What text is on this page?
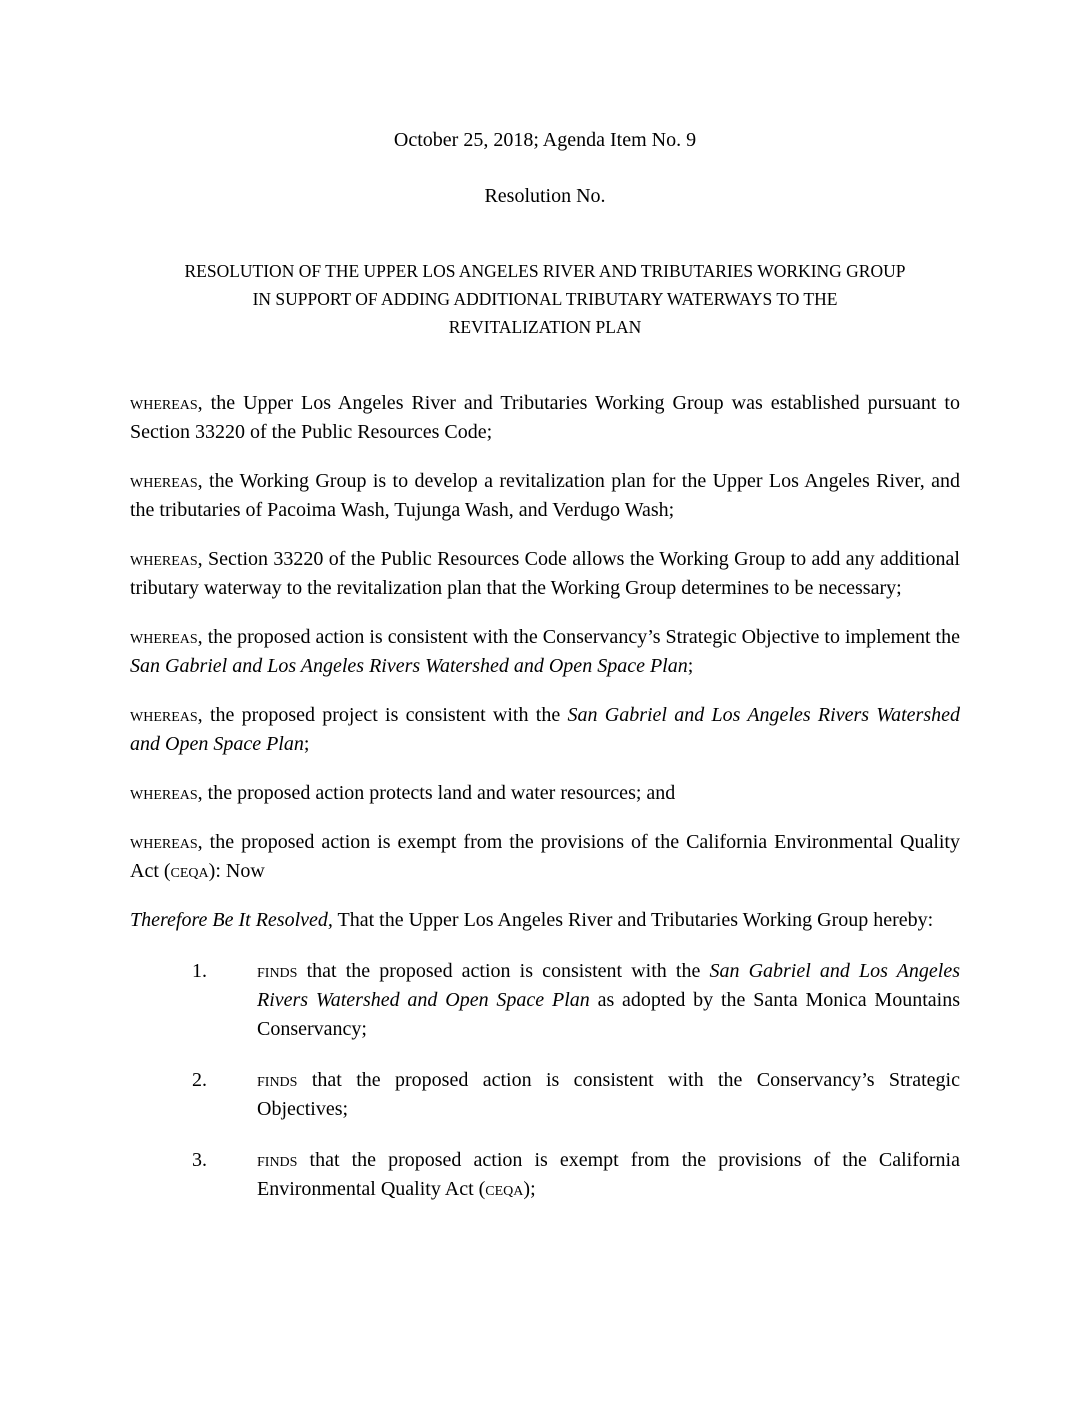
October 25, 2018; Agenda Item No. 9
Resolution No.
RESOLUTION OF THE UPPER LOS ANGELES RIVER AND TRIBUTARIES WORKING GROUP
IN SUPPORT OF ADDING ADDITIONAL TRIBUTARY WATERWAYS TO THE
REVITALIZATION PLAN

whereas, the Upper Los Angeles River and Tributaries Working Group was established pursuant to Section 33220 of the Public Resources Code;

whereas, the Working Group is to develop a revitalization plan for the Upper Los Angeles River, and the tributaries of Pacoima Wash, Tujunga Wash, and Verdugo Wash;

whereas, Section 33220 of the Public Resources Code allows the Working Group to add any additional tributary waterway to the revitalization plan that the Working Group determines to be necessary;

whereas, the proposed action is consistent with the Conservancy’s Strategic Objective to implement the San Gabriel and Los Angeles Rivers Watershed and Open Space Plan;

whereas, the proposed project is consistent with the San Gabriel and Los Angeles Rivers Watershed and Open Space Plan;

whereas, the proposed action protects land and water resources; and

whereas, the proposed action is exempt from the provisions of the California Environmental Quality Act (ceqa): Now

Therefore Be It Resolved, That the Upper Los Angeles River and Tributaries Working Group hereby:

1.	finds that the proposed action is consistent with the San Gabriel and Los Angeles Rivers Watershed and Open Space Plan as adopted by the Santa Monica Mountains Conservancy;
2.	finds that the proposed action is consistent with the Conservancy’s Strategic Objectives;
3.	finds that the proposed action is exempt from the provisions of the California Environmental Quality Act (ceqa);
